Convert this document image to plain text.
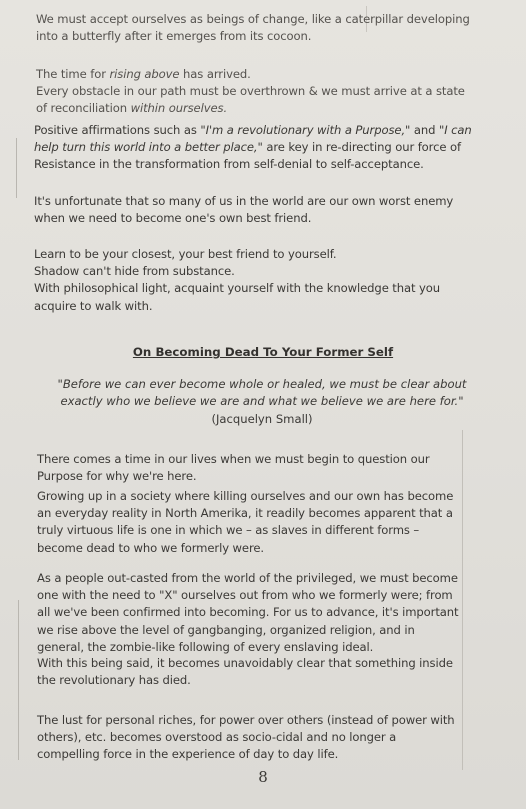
We must accept ourselves as beings of change, like a caterpillar developing into a butterfly after it emerges from its cocoon.

The time for rising above has arrived.
Every obstacle in our path must be overthrown & we must arrive at a state of reconciliation within ourselves.

Positive affirmations such as "I'm a revolutionary with a Purpose," and "I can help turn this world into a better place," are key in re-directing our force of Resistance in the transformation from self-denial to self-acceptance.

It's unfortunate that so many of us in the world are our own worst enemy when we need to become one's own best friend.

Learn to be your closest, your best friend to yourself.
Shadow can't hide from substance.
With philosophical light, acquaint yourself with the knowledge that you acquire to walk with.

On Becoming Dead To Your Former Self

"Before we can ever become whole or healed, we must be clear about exactly who we believe we are and what we believe we are here for." (Jacquelyn Small)

There comes a time in our lives when we must begin to question our Purpose for why we're here.

Growing up in a society where killing ourselves and our own has become an everyday reality in North Amerika, it readily becomes apparent that a truly virtuous life is one in which we – as slaves in different forms – become dead to who we formerly were.

As a people out-casted from the world of the privileged, we must become one with the need to "X" ourselves out from who we formerly were; from all we've been confirmed into becoming. For us to advance, it's important we rise above the level of gangbanging, organized religion, and in general, the zombie-like following of every enslaving ideal.

With this being said, it becomes unavoidably clear that something inside the revolutionary has died.

The lust for personal riches, for power over others (instead of power with others), etc. becomes overstood as socio-cidal and no longer a compelling force in the experience of day to day life.

8
